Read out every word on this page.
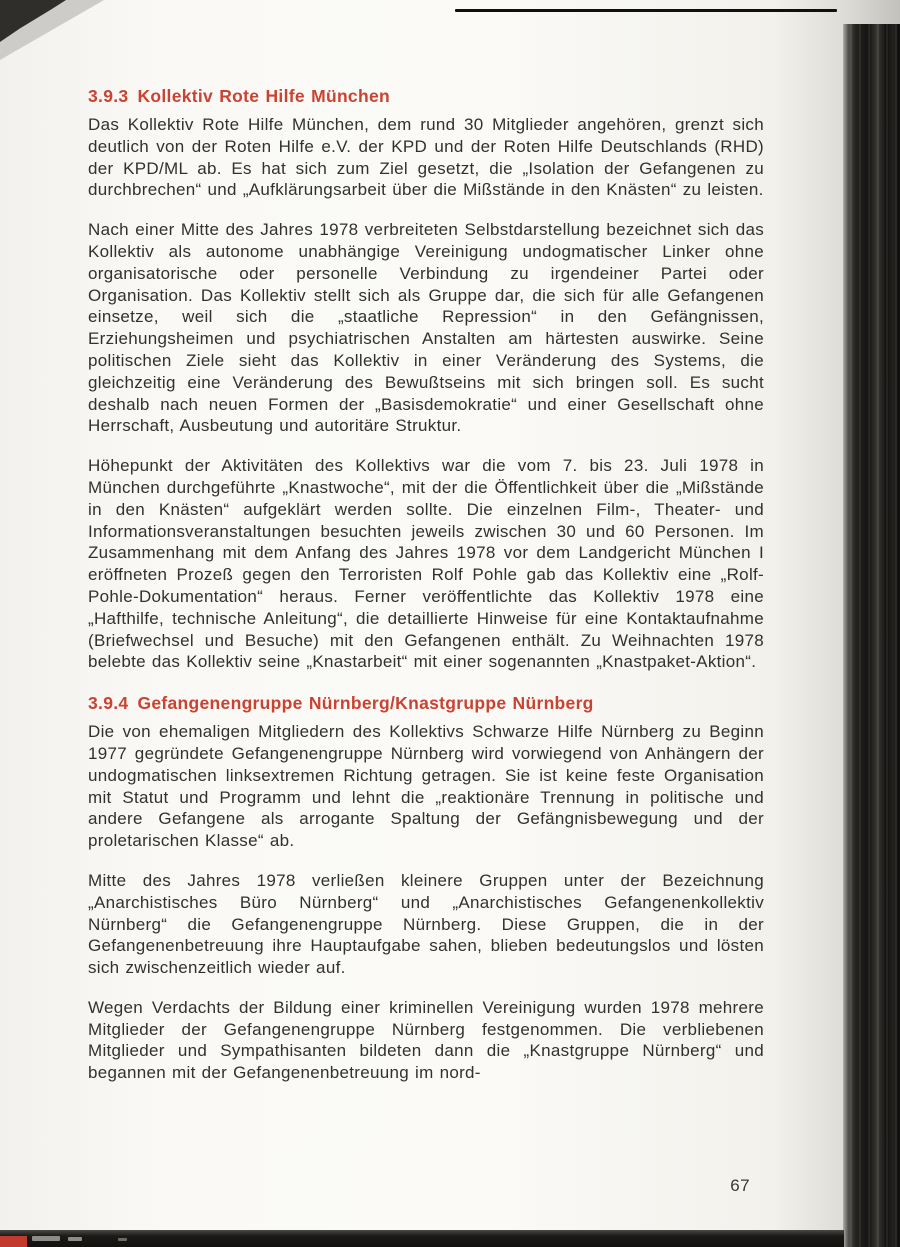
3.9.3 Kollektiv Rote Hilfe München

Das Kollektiv Rote Hilfe München, dem rund 30 Mitglieder angehören, grenzt sich deutlich von der Roten Hilfe e.V. der KPD und der Roten Hilfe Deutschlands (RHD) der KPD/ML ab. Es hat sich zum Ziel gesetzt, die „Isolation der Gefangenen zu durchbrechen“ und „Aufklärungsarbeit über die Mißstände in den Knästen“ zu leisten.

Nach einer Mitte des Jahres 1978 verbreiteten Selbstdarstellung bezeichnet sich das Kollektiv als autonome unabhängige Vereinigung undogmatischer Linker ohne organisatorische oder personelle Verbindung zu irgendeiner Partei oder Organisation. Das Kollektiv stellt sich als Gruppe dar, die sich für alle Gefangenen einsetze, weil sich die „staatliche Repression“ in den Gefängnissen, Erziehungsheimen und psychiatrischen Anstalten am härtesten auswirke. Seine politischen Ziele sieht das Kollektiv in einer Veränderung des Systems, die gleichzeitig eine Veränderung des Bewußtseins mit sich bringen soll. Es sucht deshalb nach neuen Formen der „Basisdemokratie“ und einer Gesellschaft ohne Herrschaft, Ausbeutung und autoritäre Struktur.

Höhepunkt der Aktivitäten des Kollektivs war die vom 7. bis 23. Juli 1978 in München durchgeführte „Knastwoche“, mit der die Öffentlichkeit über die „Mißstände in den Knästen“ aufgeklärt werden sollte. Die einzelnen Film-, Theater- und Informationsveranstaltungen besuchten jeweils zwischen 30 und 60 Personen. Im Zusammenhang mit dem Anfang des Jahres 1978 vor dem Landgericht München I eröffneten Prozeß gegen den Terroristen Rolf Pohle gab das Kollektiv eine „Rolf-Pohle-Dokumentation“ heraus. Ferner veröffentlichte das Kollektiv 1978 eine „Hafthilfe, technische Anleitung“, die detaillierte Hinweise für eine Kontaktaufnahme (Briefwechsel und Besuche) mit den Gefangenen enthält. Zu Weihnachten 1978 belebte das Kollektiv seine „Knastarbeit“ mit einer sogenannten „Knastpaket-Aktion“.

3.9.4 Gefangenengruppe Nürnberg/Knastgruppe Nürnberg

Die von ehemaligen Mitgliedern des Kollektivs Schwarze Hilfe Nürnberg zu Beginn 1977 gegründete Gefangenengruppe Nürnberg wird vorwiegend von Anhängern der undogmatischen linksextremen Richtung getragen. Sie ist keine feste Organisation mit Statut und Programm und lehnt die „reaktionäre Trennung in politische und andere Gefangene als arrogante Spaltung der Gefängnisbewegung und der proletarischen Klasse“ ab.

Mitte des Jahres 1978 verließen kleinere Gruppen unter der Bezeichnung „Anarchistisches Büro Nürnberg“ und „Anarchistisches Gefangenenkollektiv Nürnberg“ die Gefangenengruppe Nürnberg. Diese Gruppen, die in der Gefangenenbetreuung ihre Hauptaufgabe sahen, blieben bedeutungslos und lösten sich zwischenzeitlich wieder auf.

Wegen Verdachts der Bildung einer kriminellen Vereinigung wurden 1978 mehrere Mitglieder der Gefangenengruppe Nürnberg festgenommen. Die verbliebenen Mitglieder und Sympathisanten bildeten dann die „Knastgruppe Nürnberg“ und begannen mit der Gefangenenbetreuung im nord-

67
